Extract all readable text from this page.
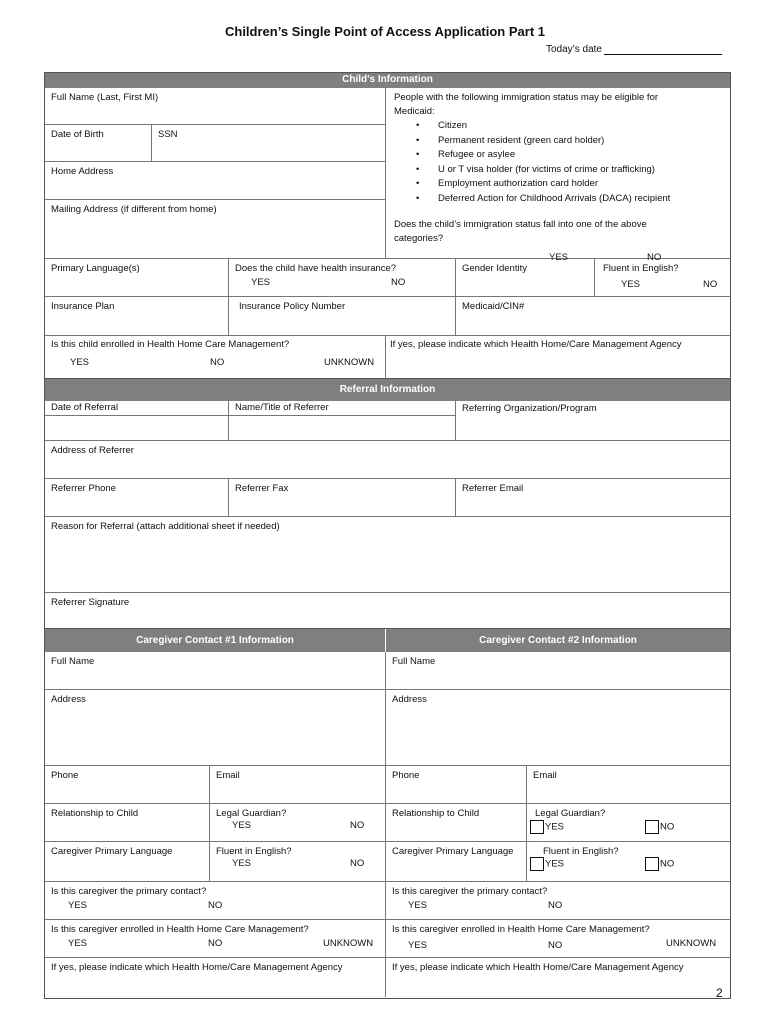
Children’s Single Point of Access Application Part 1
Today’s date
Child’s Information
Full Name (Last, First MI)
Date of Birth	SSN
Home Address
Mailing Address (if different from home)
People with the following immigration status may be eligible for Medicaid:
• Citizen
• Permanent resident (green card holder)
• Refugee or asylee
• U or T visa holder (for victims of crime or trafficking)
• Employment authorization card holder
• Deferred Action for Childhood Arrivals (DACA) recipient
Does the child’s immigration status fall into one of the above categories?
YES	NO
Primary Language(s)	Does the child have health insurance?
YES	NO
Gender Identity	Fluent in English?
YES	NO
Insurance Plan	Insurance Policy Number	Medicaid/CIN#
Is this child enrolled in Health Home Care Management?
YES	NO	UNKNOWN
If yes, please indicate which Health Home/Care Management Agency
Referral Information
Date of Referral	Name/Title of Referrer	Referring Organization/Program
Address of Referrer
Referrer Phone	Referrer Fax	Referrer Email
Reason for Referral (attach additional sheet if needed)
Referrer Signature
Caregiver Contact #1 Information	Caregiver Contact #2 Information
Full Name
Address
Phone	Email
Relationship to Child	Legal Guardian?
YES	NO
Caregiver Primary Language	Fluent in English?
YES	NO
Is this caregiver the primary contact?
YES	NO
Is this caregiver enrolled in Health Home Care Management?
YES	NO	UNKNOWN
If yes, please indicate which Health Home/Care Management Agency
Full Name
Address
Phone	Email
Relationship to Child	Legal Guardian?
YES	NO
Caregiver Primary Language	Fluent in English?
YES	NO
Is this caregiver the primary contact?
YES	NO
Is this caregiver enrolled in Health Home Care Management?
YES	NO	UNKNOWN
If yes, please indicate which Health Home/Care Management Agency
2
